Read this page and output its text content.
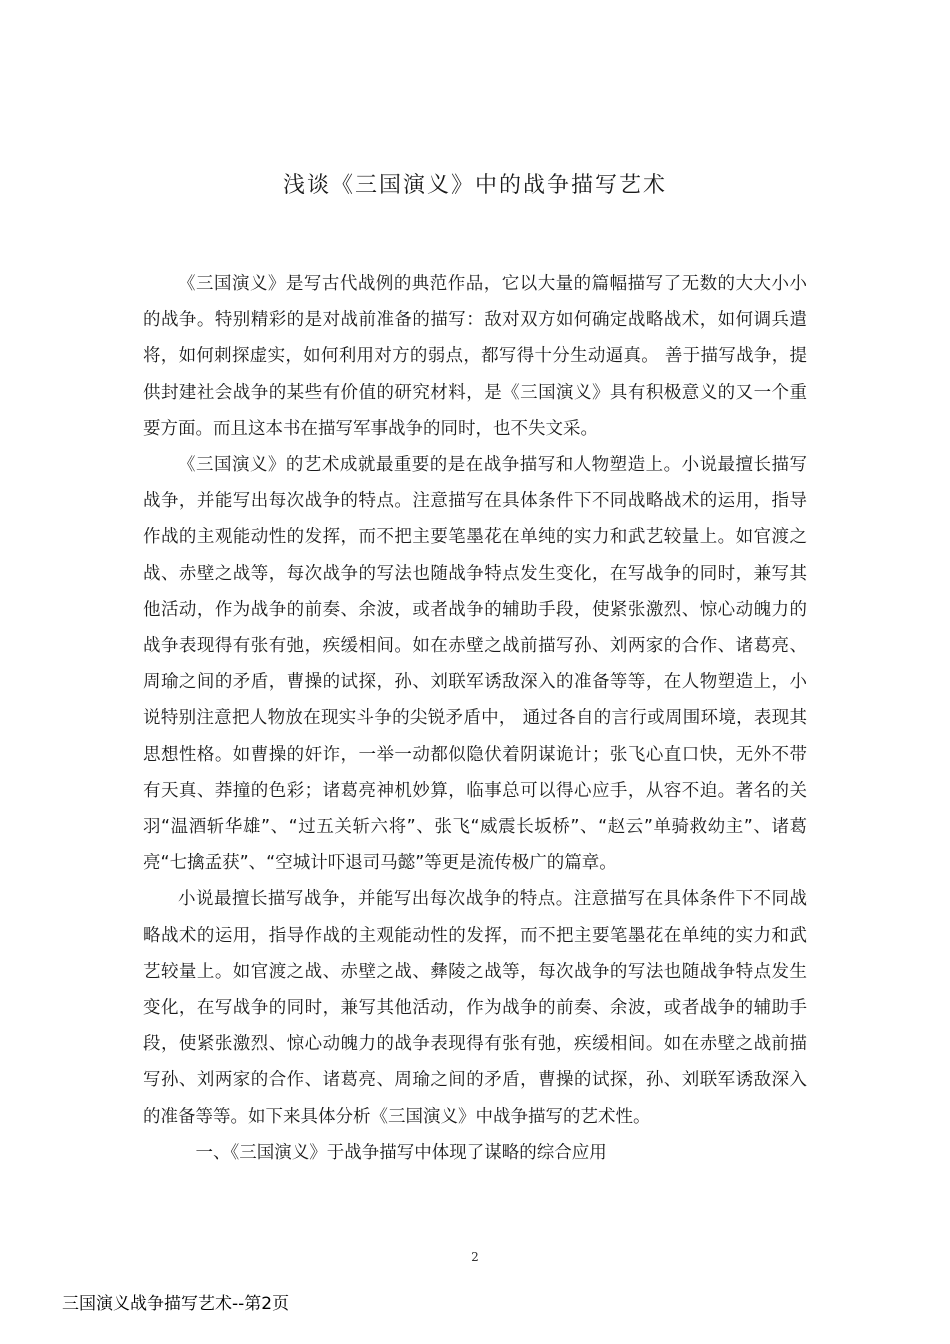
浅谈《三国演义》中的战争描写艺术

《三国演义》是写古代战例的典范作品，它以大量的篇幅描写了无数的大大小小的战争。特别精彩的是对战前准备的描写：敌对双方如何确定战略战术，如何调兵遣将，如何刺探虚实，如何利用对方的弱点，都写得十分生动逼真。 善于描写战争，提供封建社会战争的某些有价值的研究材料，是《三国演义》具有积极意义的又一个重要方面。而且这本书在描写军事战争的同时，也不失文采。

《三国演义》的艺术成就最重要的是在战争描写和人物塑造上。小说最擅长描写战争，并能写出每次战争的特点。注意描写在具体条件下不同战略战术的运用，指导作战的主观能动性的发挥，而不把主要笔墨花在单纯的实力和武艺较量上。如官渡之战、赤壁之战等，每次战争的写法也随战争特点发生变化，在写战争的同时，兼写其他活动，作为战争的前奏、余波，或者战争的辅助手段，使紧张激烈、惊心动魄力的战争表现得有张有弛，疾缓相间。如在赤壁之战前描写孙、刘两家的合作、诸葛亮、周瑜之间的矛盾，曹操的试探，孙、刘联军诱敌深入的准备等等，在人物塑造上，小说特别注意把人物放在现实斗争的尖锐矛盾中， 通过各自的言行或周围环境，表现其思想性格。如曹操的奸诈，一举一动都似隐伏着阴谋诡计；张飞心直口快，无外不带有天真、莽撞的色彩；诸葛亮神机妙算，临事总可以得心应手，从容不迫。著名的关羽“温酒斩华雄”、“过五关斩六将”、张飞“威震长坂桥”、“赵云”单骑救幼主”、诸葛亮“七擒孟获”、“空城计吓退司马懿”等更是流传极广的篇章。

小说最擅长描写战争，并能写出每次战争的特点。注意描写在具体条件下不同战略战术的运用，指导作战的主观能动性的发挥，而不把主要笔墨花在单纯的实力和武艺较量上。如官渡之战、赤壁之战、彝陵之战等，每次战争的写法也随战争特点发生变化，在写战争的同时，兼写其他活动，作为战争的前奏、余波，或者战争的辅助手段，使紧张激烈、惊心动魄力的战争表现得有张有弛，疾缓相间。如在赤壁之战前描写孙、刘两家的合作、诸葛亮、周瑜之间的矛盾，曹操的试探，孙、刘联军诱敌深入的准备等等。如下来具体分析《三国演义》中战争描写的艺术性。

一、《三国演义》于战争描写中体现了谋略的综合应用

2
三国演义战争描写艺术--第2页
